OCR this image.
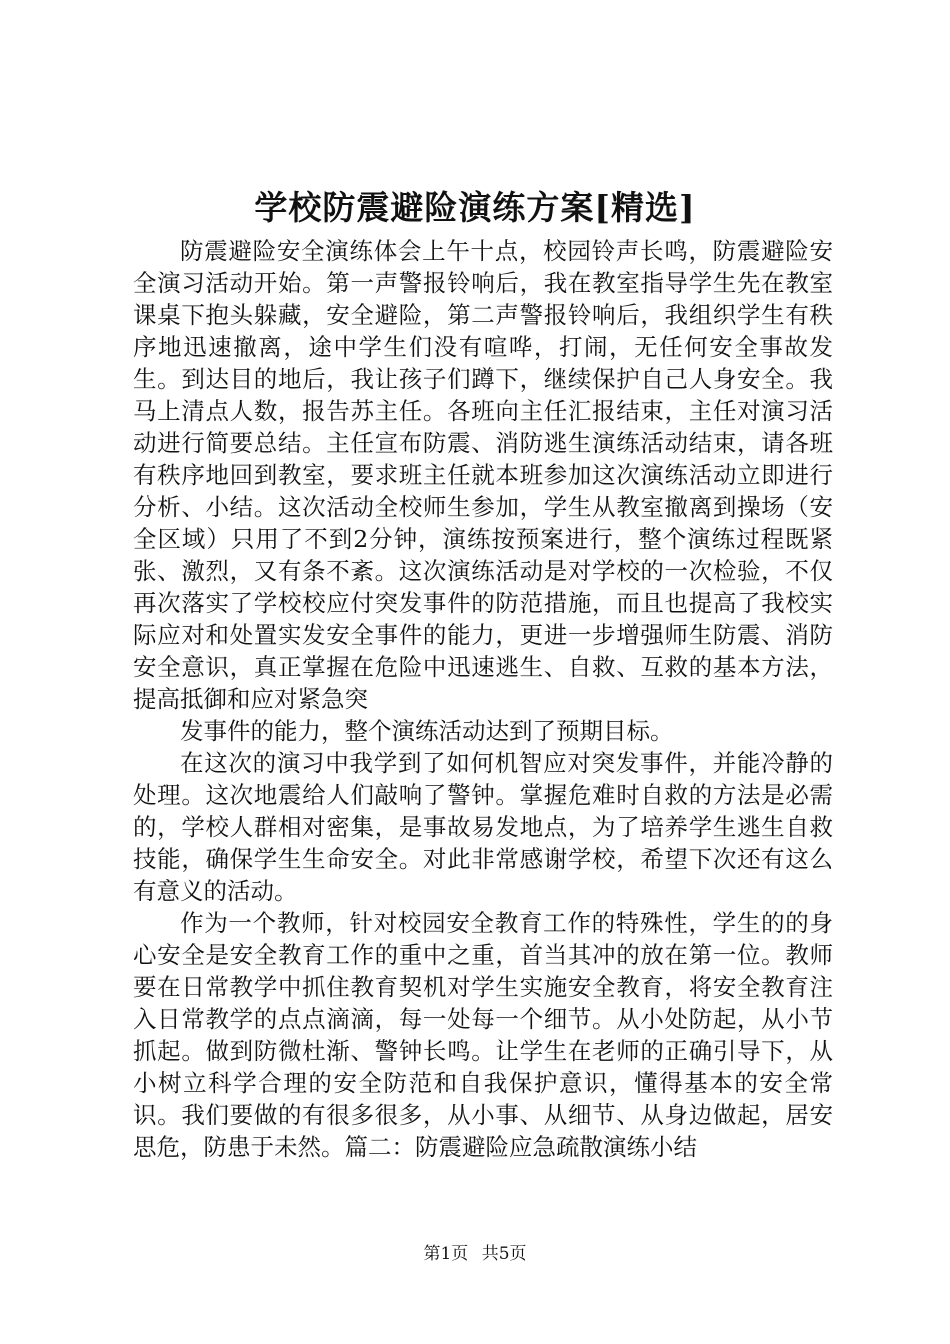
学校防震避险演练方案[精选]

防震避险安全演练体会上午十点，校园铃声长鸣，防震避险安全演习活动开始。第一声警报铃响后，我在教室指导学生先在教室课桌下抱头躲藏，安全避险，第二声警报铃响后，我组织学生有秩序地迅速撤离，途中学生们没有喧哗，打闹，无任何安全事故发生。到达目的地后，我让孩子们蹲下，继续保护自己人身安全。我马上清点人数，报告苏主任。各班向主任汇报结束，主任对演习活动进行简要总结。主任宣布防震、消防逃生演练活动结束，请各班有秩序地回到教室，要求班主任就本班参加这次演练活动立即进行分析、小结。这次活动全校师生参加，学生从教室撤离到操场（安全区域）只用了不到2分钟，演练按预案进行，整个演练过程既紧张、激烈，又有条不紊。这次演练活动是对学校的一次检验，不仅再次落实了学校校应付突发事件的防范措施，而且也提高了我校实际应对和处置实发安全事件的能力，更进一步增强师生防震、消防安全意识，真正掌握在危险中迅速逃生、自救、互救的基本方法，提高抵御和应对紧急突

发事件的能力，整个演练活动达到了预期目标。

在这次的演习中我学到了如何机智应对突发事件，并能冷静的处理。这次地震给人们敲响了警钟。掌握危难时自救的方法是必需的，学校人群相对密集，是事故易发地点，为了培养学生逃生自救技能，确保学生生命安全。对此非常感谢学校，希望下次还有这么有意义的活动。

作为一个教师，针对校园安全教育工作的特殊性，学生的的身心安全是安全教育工作的重中之重，首当其冲的放在第一位。教师要在日常教学中抓住教育契机对学生实施安全教育，将安全教育注入日常教学的点点滴滴，每一处每一个细节。从小处防起，从小节抓起。做到防微杜渐、警钟长鸣。让学生在老师的正确引导下，从小树立科学合理的安全防范和自我保护意识，懂得基本的安全常识。我们要做的有很多很多，从小事、从细节、从身边做起，居安思危，防患于未然。篇二：防震避险应急疏散演练小结

第1页 共5页
